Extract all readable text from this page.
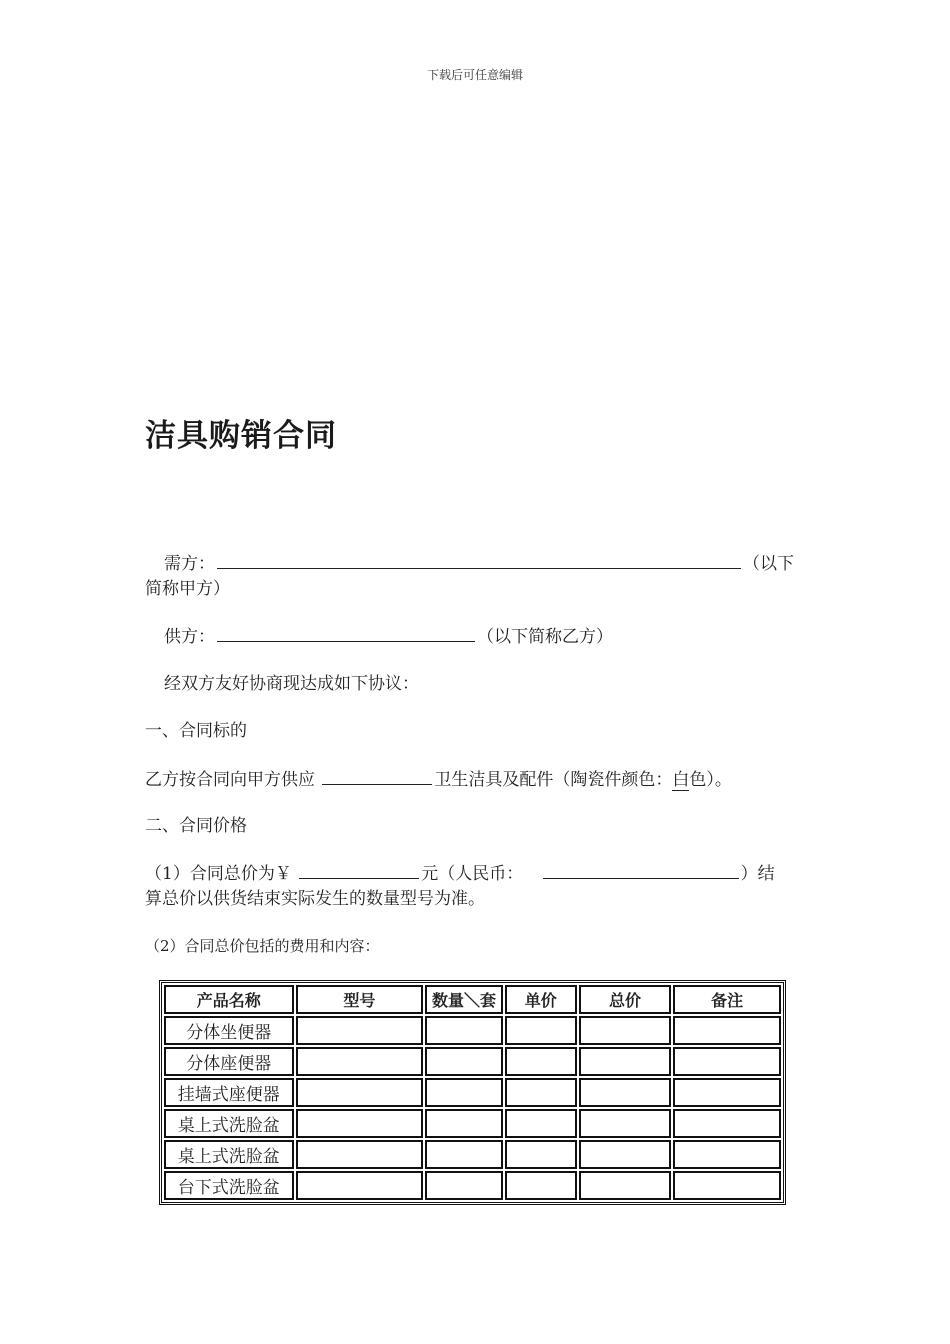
下载后可任意编辑
洁具购销合同
需方：	（以下
简称甲方）
供方：	（以下简称乙方）
经双方友好协商现达成如下协议：
一、合同标的
乙方按合同向甲方供应	卫生洁具及配件（陶瓷件颜色：白色）。
二、合同价格
（1）合同总价为￥	元（人民币：	）结
算总价以供货结束实际发生的数量型号为准。
（2）合同总价包括的费用和内容：
产品名称	型号	数量＼套	单价	总价	备注
分体坐便器					
分体座便器					
挂墙式座便器					
桌上式洗脸盆					
桌上式洗脸盆					
台下式洗脸盆					
